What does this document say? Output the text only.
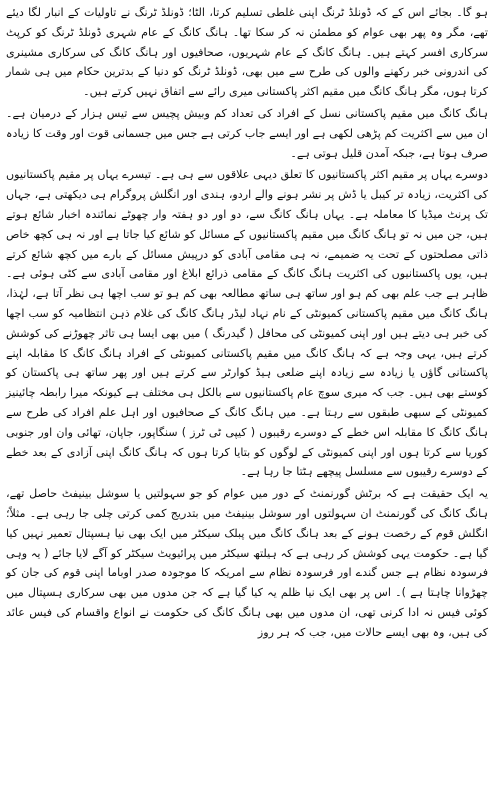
ہو گا۔ بجائے اس کے کہ ڈونلڈ ٹرنگ اپنی غلطی تسلیم کرتا، الٹا؛ ڈونلڈ ٹرنگ نے تاولیات کے انبار لگا دیئے تھے، مگر وہ پھر بھی عوام کو مطمئن نہ کر سکا تھا۔ ہانگ کانگ کے عام شہری ڈونلڈ ٹرنگ کو کرپٹ سرکاری افسر کہتے ہیں۔ ہانگ کانگ کے عام شہریوں، صحافیوں اور ہانگ کانگ کی سرکاری مشینری کی اندرونی خبر رکھنے والوں کی طرح سے میں بھی، ڈونلڈ ٹرنگ کو دنیا کے بدترین حکام میں ہی شمار کرتا ہوں، مگر ہانگ کانگ میں مقیم اکثر پاکستانی میری رائے سے اتفاق نہیں کرتے ہیں۔

ہانگ کانگ میں مقیم پاکستانی نسل کے افراد کی تعداد کم وبیش پچیس سے تیس ہزار کے درمیان ہے۔ ان میں سے اکثریت کم پڑھی لکھی ہے اور ایسے جاب کرتی ہے جس میں جسمانی قوت اور وقت کا زیادہ صرف ہوتا ہے، جبکہ آمدن قلیل ہوتی ہے۔

دوسرے یہاں پر مقیم اکثر پاکستانیوں کا تعلق دیہی علاقوں سے ہی ہے۔ تیسرے یہاں پر مقیم پاکستانیوں کی اکثریت، زیادہ تر کیبل یا ڈش پر نشر ہونے والے اردو، ہندی اور انگلش پروگرام ہی دیکھتی ہے، جہاں تک پرنٹ میڈیا کا معاملہ ہے۔ یہاں ہانگ کانگ سے، دو اور دو ہفتہ وار چھوٹے نمائندہ اخبار شائع ہوتے ہیں، جن میں نہ تو ہانگ کانگ میں مقیم پاکستانیوں کے مسائل کو شائع کیا جاتا ہے اور نہ ہی کچھ خاص ذاتی مصلحتوں کے تحت یہ ضمیمے، نہ ہی مقامی آبادی کو درپیش مسائل کے بارے میں کچھ شائع کرتے ہیں، یوں پاکستانیوں کی اکثریت ہانگ کانگ کے مقامی ذرائع ابلاغ اور مقامی آبادی سے کٹی ہوئی ہے۔ ظاہر ہے جب علم بھی کم ہو اور ساتھ ہی ساتھ مطالعہ بھی کم ہو تو سب اچھا ہی نظر آتا ہے، لہٰذا، ہانگ کانگ میں مقیم پاکستانی کمیونٹی کے نام نہاد لیڈر ہانگ کانگ کی غلام ذہن انتظامیہ کو سب اچھا کی خبر ہی دیتے ہیں اور اپنی کمیونٹی کی محافل ( گیدرنگ ) میں بھی ایسا ہی تاثر چھوڑنے کی کوشش کرتے ہیں، یہی وجہ ہے کہ ہانگ کانگ میں مقیم پاکستانی کمیونٹی کے افراد ہانگ کانگ کا مقابلہ اپنے پاکستانی گاؤں یا زیادہ سے زیادہ اپنے ضلعی ہیڈ کوارٹر سے کرتے ہیں اور پھر ساتھ ہی پاکستان کو کوستے بھی ہیں۔ جب کہ میری سوچ عام پاکستانیوں سے بالکل ہی مختلف ہے کیونکہ میرا رابطہ چائینیز کمیونٹی کے سبھی طبقوں سے رہتا ہے۔ میں ہانگ کانگ کے صحافیوں اور اہل علم افراد کی طرح سے ہانگ کانگ کا مقابلہ اس خطے کے دوسرے رقیبوں ( کیپی ٹی ٹرز ) سنگاپور، جاپان، تھائی وان اور جنوبی کوریا سے کرتا ہوں اور اپنی کمیونٹی کے لوگوں کو بتایا کرتا ہوں کہ ہانگ کانگ اپنی آزادی کے بعد خطے کے دوسرے رقیبوں سے مسلسل پیچھے ہٹتا جا رہا ہے۔

یہ ایک حقیقت ہے کہ برٹش گورنمنٹ کے دور میں عوام کو جو سہولتیں یا سوشل بینیفٹ حاصل تھے، ہانگ کانگ کی گورنمنٹ ان سہولتوں اور سوشل بینیفٹ میں بتدریج کمی کرتی چلی جا رہی ہے۔ مثلاً؛ انگلش قوم کے رخصت ہونے کے بعد ہانگ کانگ میں پبلک سیکٹر میں ایک بھی نیا ہسپتال تعمیر نہیں کیا گیا ہے۔ حکومت یہی کوشش کر رہی ہے کہ ہیلتھ سیکٹر میں پرائیویٹ سیکٹر کو آگے لایا جائے ( یہ وہی فرسودہ نظام ہے جس گندے اور فرسودہ نظام سے امریکہ کا موجودہ صدر اوباما اپنی قوم کی جان کو چھڑوانا چاہتا ہے )۔ اس پر بھی ایک نیا ظلم یہ کیا گیا ہے کہ جن مدوں میں بھی سرکاری ہسپتال میں کوئی فیس نہ ادا کرنی تھی، ان مدوں میں بھی ہانگ کانگ کی حکومت نے انواع واقسام کی فیس عائد کی ہیں، وہ بھی ایسے حالات میں، جب کہ ہر روز
